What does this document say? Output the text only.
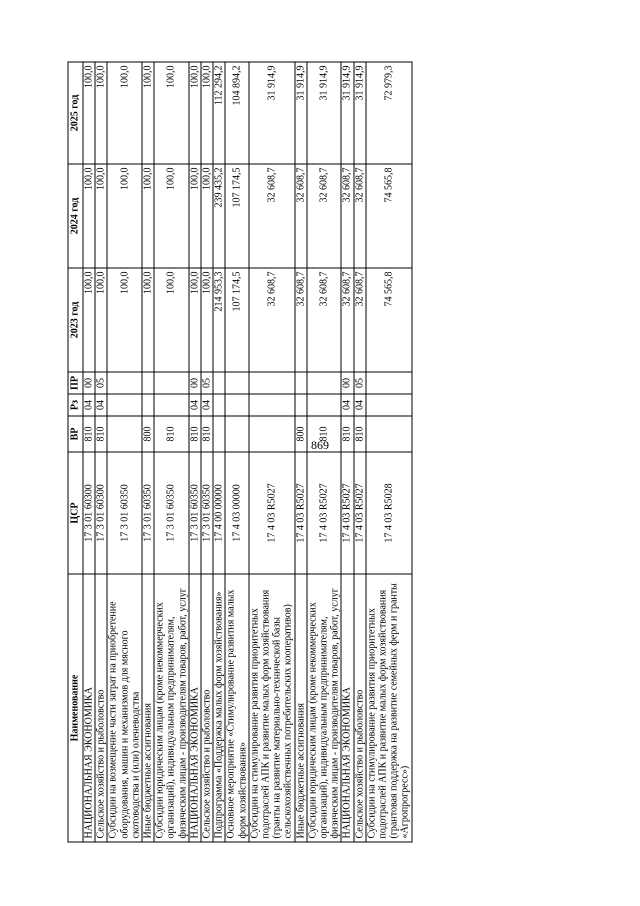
869
Наименование	ЦСР	ВР	Рз	ПР	2023 год	2024 год	2025 год
НАЦИОНАЛЬНАЯ ЭКОНОМИКА	17 3 01 60300	810	04	00	100,0	100,0	100,0
Сельское хозяйство и рыболовство	17 3 01 60300	810	04	05	100,0	100,0	100,0
Субсидии на возмещение части затрат на приобретение оборудования, машин и механизмов для мясного скотоводства и (или) оленеводства	17 3 01 60350				100,0	100,0	100,0
Иные бюджетные ассигнования	17 3 01 60350	800			100,0	100,0	100,0
Субсидии юридическим лицам (кроме некоммерческих организаций), индивидуальным предпринимателям, физическим лицам - производителям товаров, работ, услуг	17 3 01 60350	810			100,0	100,0	100,0
НАЦИОНАЛЬНАЯ ЭКОНОМИКА	17 3 01 60350	810	04	00	100,0	100,0	100,0
Сельское хозяйство и рыболовство	17 3 01 60350	810	04	05	100,0	100,0	100,0
Подпрограмма «Поддержка малых форм хозяйствования»	17 4 00 00000				214 953,3	239 435,2	112 294,2
Основное мероприятие «Стимулирование развития малых форм хозяйствования»	17 4 03 00000				107 174,5	107 174,5	104 894,2
Субсидии на стимулирование развития приоритетных подотраслей АПК и развитие малых форм хозяйствования (гранты на развитие материально-технической базы сельскохозяйственных потребительских кооперативов)	17 4 03 R5027				32 608,7	32 608,7	31 914,9
Иные бюджетные ассигнования	17 4 03 R5027	800			32 608,7	32 608,7	31 914,9
Субсидии юридическим лицам (кроме некоммерческих организаций), индивидуальным предпринимателям, физическим лицам - производителям товаров, работ, услуг	17 4 03 R5027	810			32 608,7	32 608,7	31 914,9
НАЦИОНАЛЬНАЯ ЭКОНОМИКА	17 4 03 R5027	810	04	00	32 608,7	32 608,7	31 914,9
Сельское хозяйство и рыболовство	17 4 03 R5027	810	04	05	32 608,7	32 608,7	31 914,9
Субсидии на стимулирование развития приоритетных подотраслей АПК и развитие малых форм хозяйствования (грантовая поддержка на развитие семейных ферм и гранты «Агропрогресс»)	17 4 03 R5028				74 565,8	74 565,8	72 979,3
